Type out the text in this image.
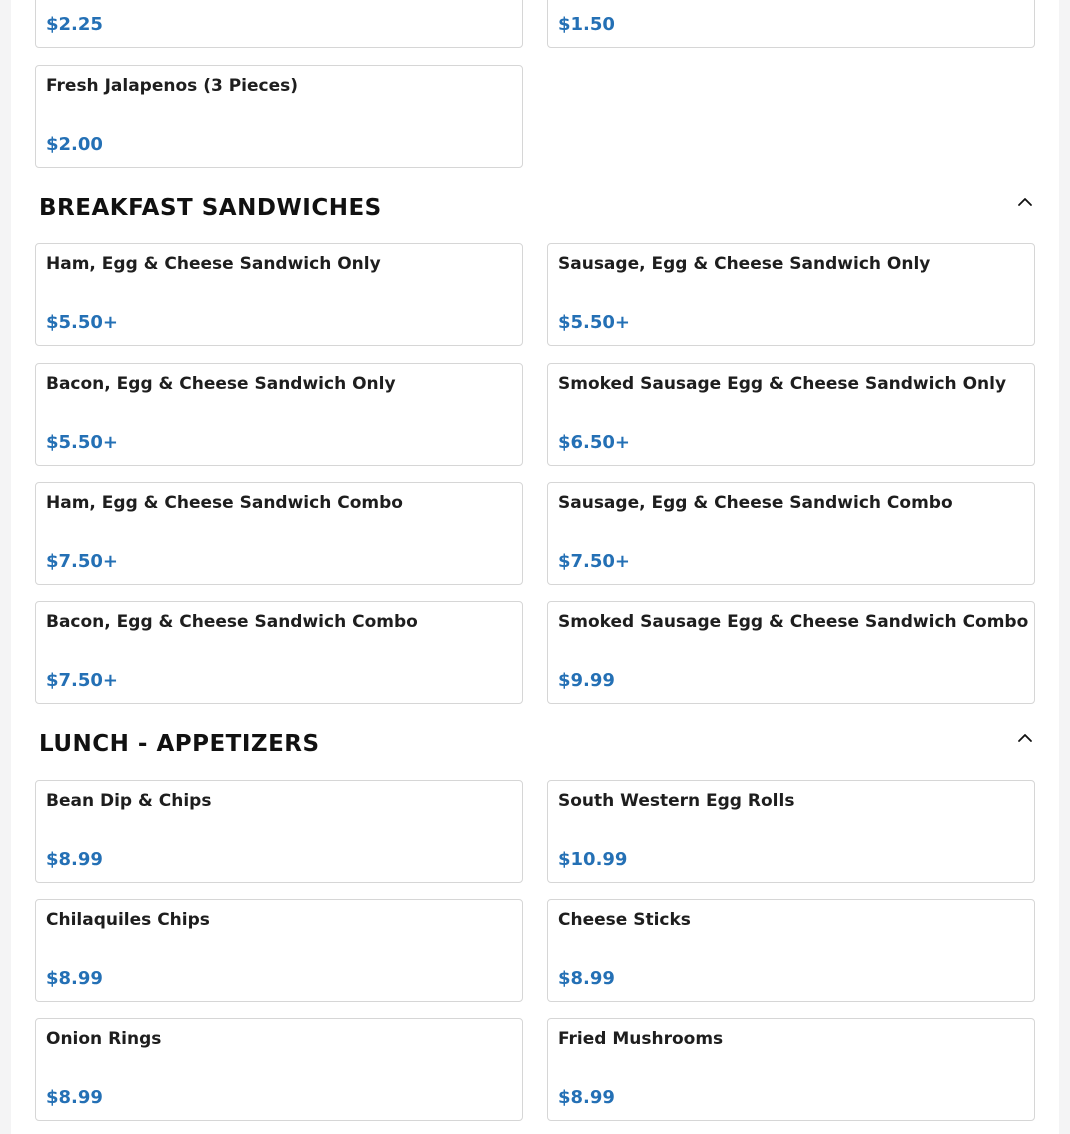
$2.25	$1.50
Fresh Jalapenos (3 Pieces)
$2.00
BREAKFAST SANDWICHES
Ham, Egg & Cheese Sandwich Only
$5.50+
Sausage, Egg & Cheese Sandwich Only
$5.50+
Bacon, Egg & Cheese Sandwich Only
$5.50+
Smoked Sausage Egg & Cheese Sandwich Only
$6.50+
Ham, Egg & Cheese Sandwich Combo
$7.50+
Sausage, Egg & Cheese Sandwich Combo
$7.50+
Bacon, Egg & Cheese Sandwich Combo
$7.50+
Smoked Sausage Egg & Cheese Sandwich Combo
$9.99
LUNCH - APPETIZERS
Bean Dip & Chips
$8.99
South Western Egg Rolls
$10.99
Chilaquiles Chips
$8.99
Cheese Sticks
$8.99
Onion Rings
$8.99
Fried Mushrooms
$8.99
